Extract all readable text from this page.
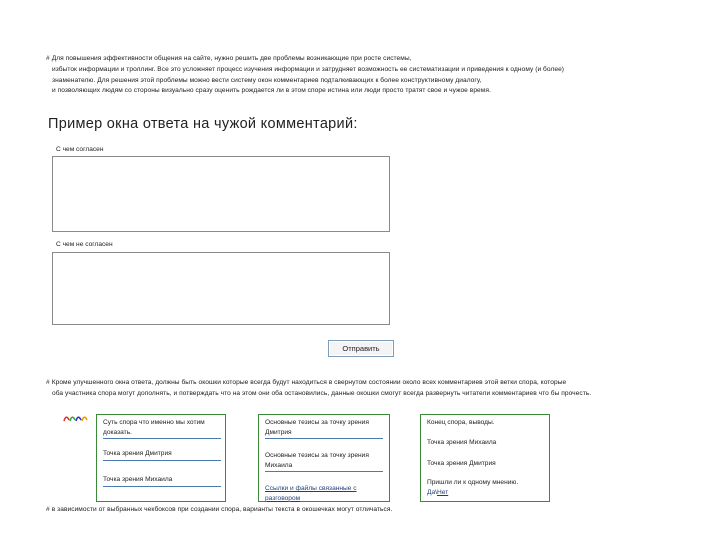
# Для повышения эффективности общения на сайте, нужно решить две проблемы возникающие при росте системы,
избыток информации и троллинг. Все это усложняет процесс изучения информации и затрудняет возможность ее систематизации и приведения к одному (и более)
знаменателю. Для решения этой проблемы можно вести систему окон комментариев подталкивающих к более конструктивному диалогу,
и позволяющих людям со стороны визуально сразу оценить рождается ли в этом споре истина или люди просто тратят свое и чужое время.
Пример окна ответа на чужой комментарий:
С чем согласен
С чем не согласен
Отправить
# Кроме улучшенного окна ответа, должны быть окошки которые всегда будут находиться в свернутом состоянии около всех комментариев этой ветки спора, которые
оба участника спора могут дополнять, и потверждать что на этом они оба остановились, данные окошки смогут всегда развернуть читатели комментариев что бы прочесть.
Суть спора что именно мы хотим доказать.
Точка зрения Дмитрия
Точка зрения Михаила
Основные тезисы за точку зрения Дмитрия
Основные тезисы за точку зрения Михаила
Ссылки и файлы связанные с разговором
Конец спора, выводы.
Точка зрения Михаила
Точка зрения Дмитрия
Пришли ли к одному мнению.
Да\Нет
# в зависимости от выбранных чекбоксов при создании спора, варианты текста в окошечках могут отличаться.
